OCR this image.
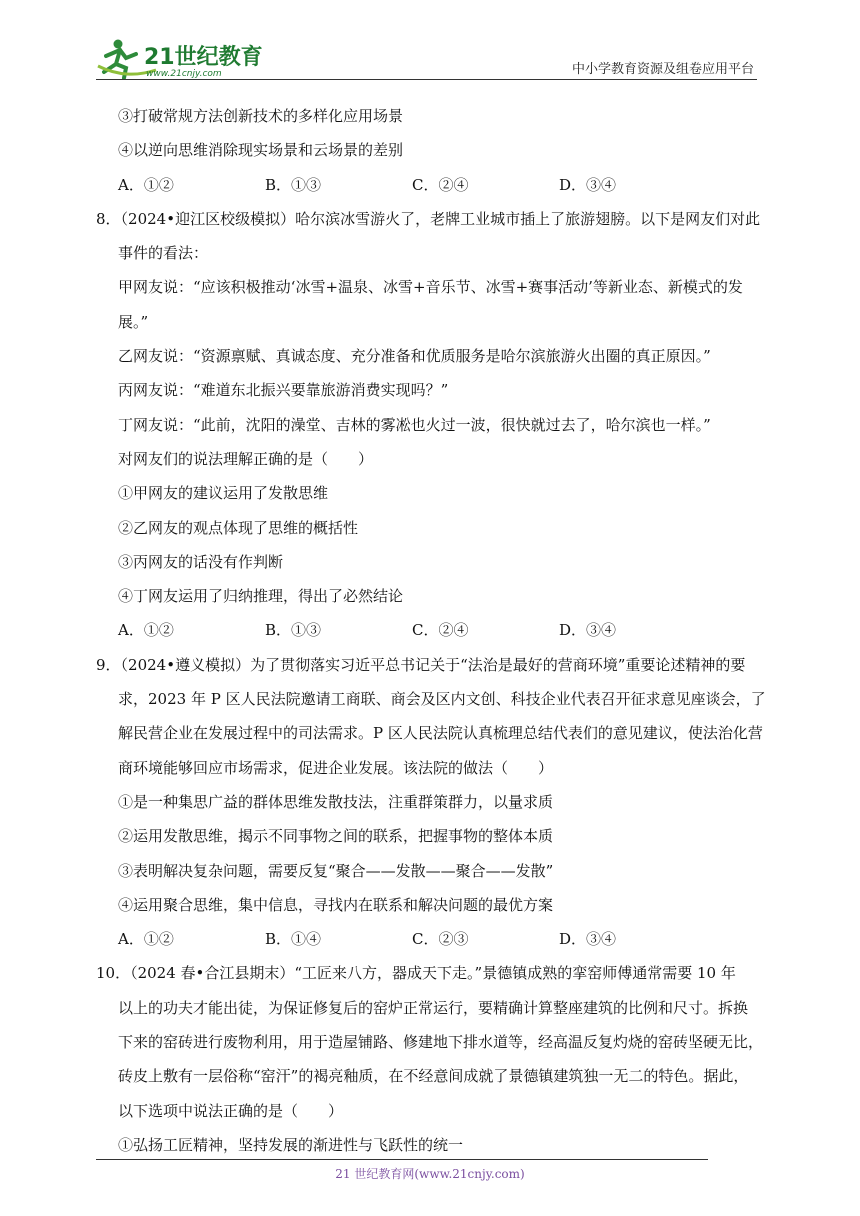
21世纪教育
www.21cnjy.com	中小学教育资源及组卷应用平台
③打破常规方法创新技术的多样化应用场景
④以逆向思维消除现实场景和云场景的差别
A．①②	B．①③	C．②④	D．③④
8．（2024•迎江区校级模拟）哈尔滨冰雪游火了，老牌工业城市插上了旅游翅膀。以下是网友们对此
事件的看法：
甲网友说：“应该积极推动‘冰雪+温泉、冰雪+音乐节、冰雪+赛事活动’等新业态、新模式的发
展。”
乙网友说：“资源禀赋、真诚态度、充分准备和优质服务是哈尔滨旅游火出圈的真正原因。”
丙网友说：“难道东北振兴要靠旅游消费实现吗？”
丁网友说：“此前，沈阳的澡堂、吉林的雾凇也火过一波，很快就过去了，哈尔滨也一样。”
对网友们的说法理解正确的是（　　）
①甲网友的建议运用了发散思维
②乙网友的观点体现了思维的概括性
③丙网友的话没有作判断
④丁网友运用了归纳推理，得出了必然结论
A．①②	B．①③	C．②④	D．③④
9．（2024•遵义模拟）为了贯彻落实习近平总书记关于“法治是最好的营商环境”重要论述精神的要
求，2023 年 P 区人民法院邀请工商联、商会及区内文创、科技企业代表召开征求意见座谈会，了
解民营企业在发展过程中的司法需求。P 区人民法院认真梳理总结代表们的意见建议，使法治化营
商环境能够回应市场需求，促进企业发展。该法院的做法（　　）
①是一种集思广益的群体思维发散技法，注重群策群力，以量求质
②运用发散思维，揭示不同事物之间的联系，把握事物的整体本质
③表明解决复杂问题，需要反复“聚合——发散——聚合——发散”
④运用聚合思维，集中信息，寻找内在联系和解决问题的最优方案
A．①②	B．①④	C．②③	D．③④
10．（2024 春•合江县期末）“工匠来八方，器成天下走。”景德镇成熟的挛窑师傅通常需要 10 年
以上的功夫才能出徒，为保证修复后的窑炉正常运行，要精确计算整座建筑的比例和尺寸。拆换
下来的窑砖进行废物利用，用于造屋铺路、修建地下排水道等，经高温反复灼烧的窑砖坚硬无比，
砖皮上敷有一层俗称“窑汗”的褐亮釉质，在不经意间成就了景德镇建筑独一无二的特色。据此，
以下选项中说法正确的是（　　）
①弘扬工匠精神，坚持发展的渐进性与飞跃性的统一
21 世纪教育网(www.21cnjy.com)
